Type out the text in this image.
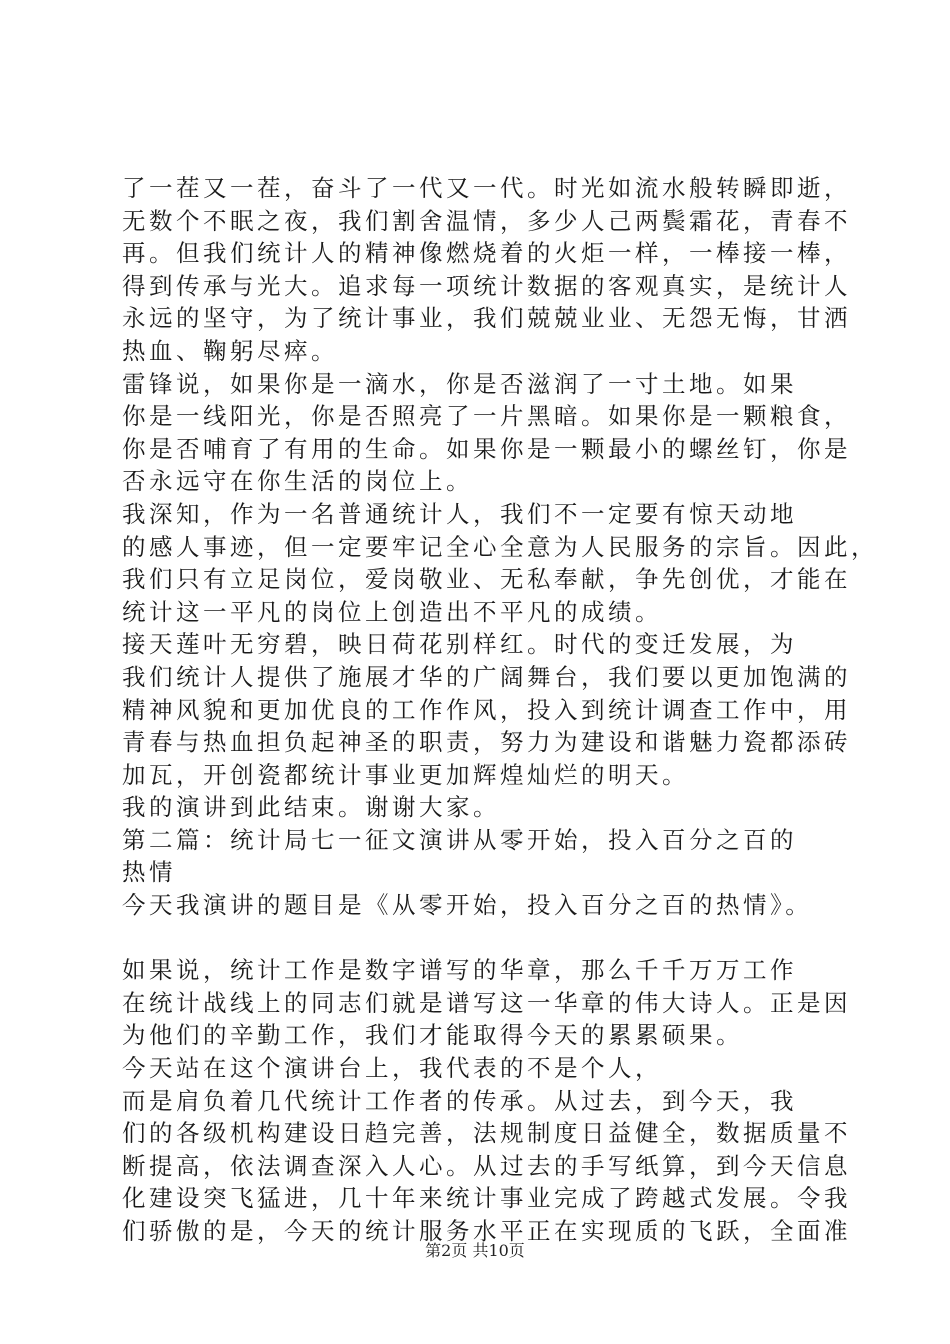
了一茬又一茬，奋斗了一代又一代。时光如流水般转瞬即逝，
无数个不眠之夜，我们割舍温情，多少人己两鬓霜花，青春不
再。但我们统计人的精神像燃烧着的火炬一样，一棒接一棒，
得到传承与光大。追求每一项统计数据的客观真实，是统计人
永远的坚守，为了统计事业，我们兢兢业业、无怨无悔，甘洒
热血、鞠躬尽瘁。
雷锋说，如果你是一滴水，你是否滋润了一寸土地。如果
你是一线阳光，你是否照亮了一片黑暗。如果你是一颗粮食，
你是否哺育了有用的生命。如果你是一颗最小的螺丝钉，你是
否永远守在你生活的岗位上。
我深知，作为一名普通统计人，我们不一定要有惊天动地
的感人事迹，但一定要牢记全心全意为人民服务的宗旨。因此，
我们只有立足岗位，爱岗敬业、无私奉献，争先创优，才能在
统计这一平凡的岗位上创造出不平凡的成绩。
接天莲叶无穷碧，映日荷花别样红。时代的变迁发展，为
我们统计人提供了施展才华的广阔舞台，我们要以更加饱满的
精神风貌和更加优良的工作作风，投入到统计调查工作中，用
青春与热血担负起神圣的职责，努力为建设和谐魅力瓷都添砖
加瓦，开创瓷都统计事业更加辉煌灿烂的明天。
我的演讲到此结束。谢谢大家。
第二篇：统计局七一征文演讲从零开始，投入百分之百的
热情
今天我演讲的题目是《从零开始，投入百分之百的热情》。
如果说，统计工作是数字谱写的华章，那么千千万万工作
在统计战线上的同志们就是谱写这一华章的伟大诗人。正是因
为他们的辛勤工作，我们才能取得今天的累累硕果。
今天站在这个演讲台上，我代表的不是个人，
而是肩负着几代统计工作者的传承。从过去，到今天，我
们的各级机构建设日趋完善，法规制度日益健全，数据质量不
断提高，依法调查深入人心。从过去的手写纸算，到今天信息
化建设突飞猛进，几十年来统计事业完成了跨越式发展。令我
们骄傲的是，今天的统计服务水平正在实现质的飞跃，全面准
第2页 共10页
